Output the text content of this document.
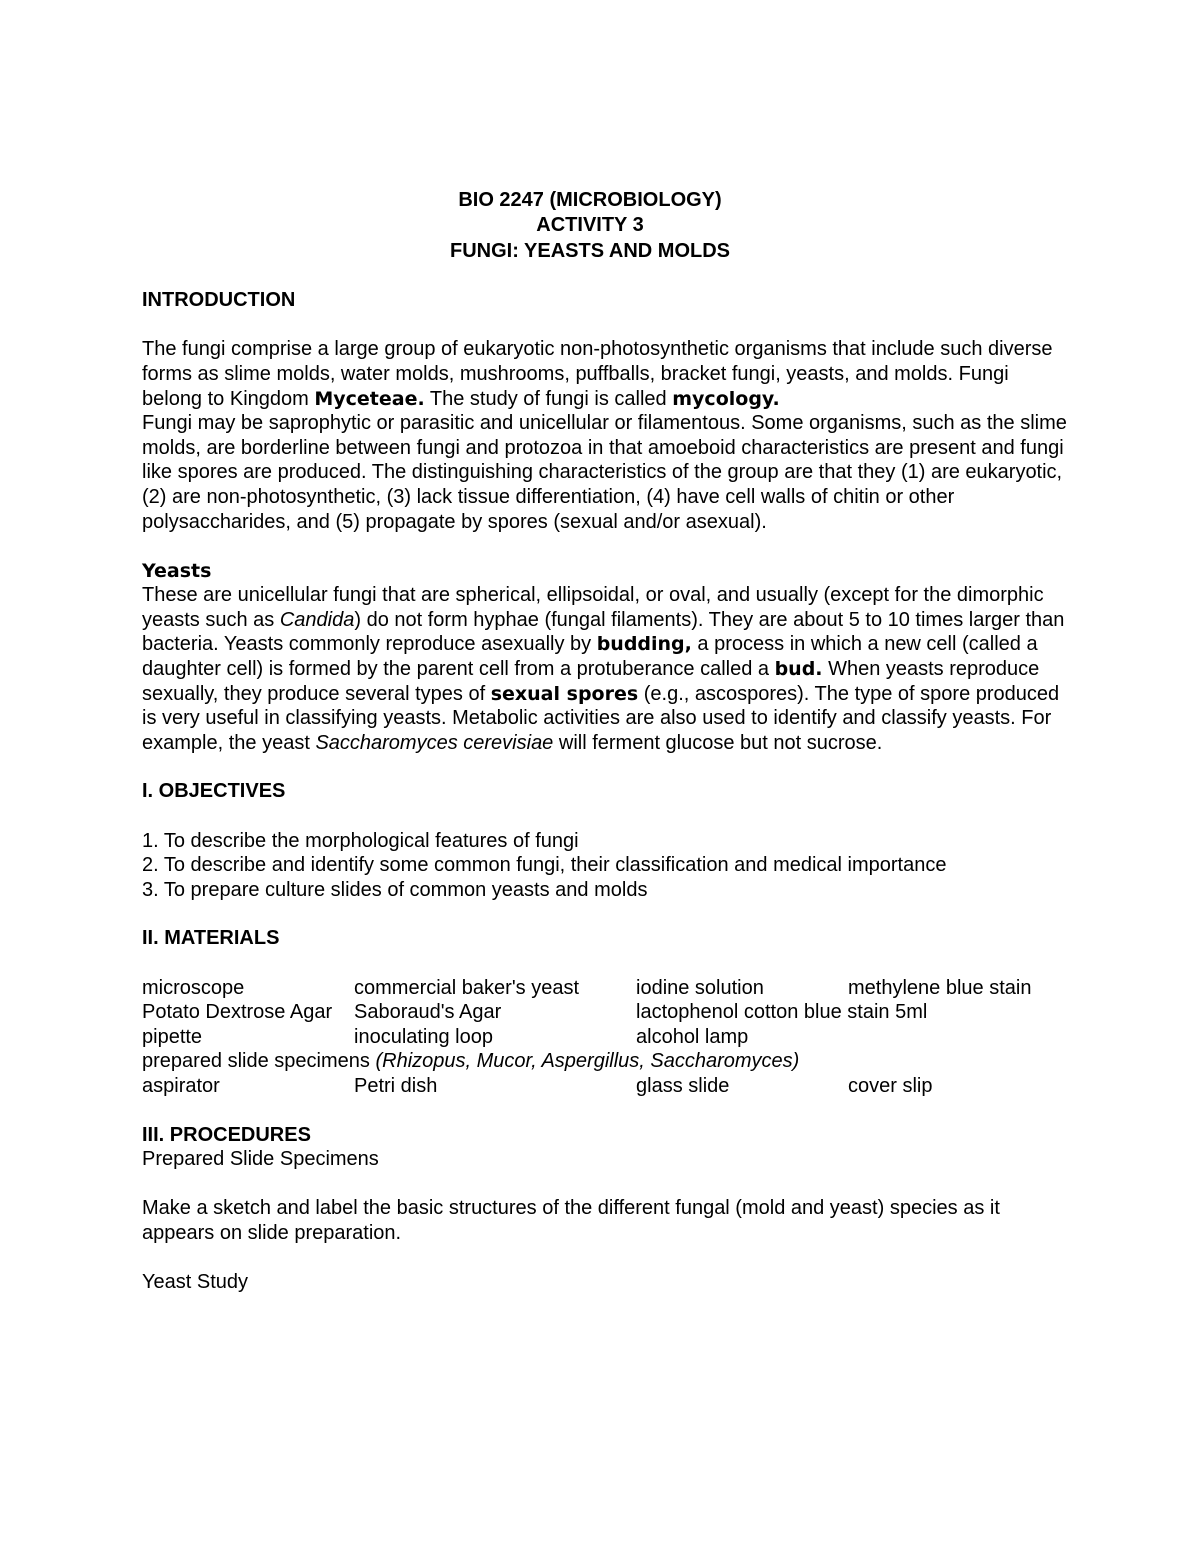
BIO 2247 (MICROBIOLOGY)
ACTIVITY 3
FUNGI: YEASTS AND MOLDS
INTRODUCTION

The fungi comprise a large group of eukaryotic non-photosynthetic organisms that include such diverse forms as slime molds, water molds, mushrooms, puffballs, bracket fungi, yeasts, and molds. Fungi belong to Kingdom Myceteae. The study of fungi is called mycology.

Fungi may be saprophytic or parasitic and unicellular or filamentous. Some organisms, such as the slime molds, are borderline between fungi and protozoa in that amoeboid characteristics are present and fungi like spores are produced. The distinguishing characteristics of the group are that they (1) are eukaryotic, (2) are non-photosynthetic, (3) lack tissue differentiation, (4) have cell walls of chitin or other polysaccharides, and (5) propagate by spores (sexual and/or asexual).

Yeasts

These are unicellular fungi that are spherical, ellipsoidal, or oval, and usually (except for the dimorphic yeasts such as Candida) do not form hyphae (fungal filaments). They are about 5 to 10 times larger than bacteria. Yeasts commonly reproduce asexually by budding, a process in which a new cell (called a daughter cell) is formed by the parent cell from a protuberance called a bud. When yeasts reproduce sexually, they produce several types of sexual spores (e.g., ascospores). The type of spore produced is very useful in classifying yeasts. Metabolic activities are also used to identify and classify yeasts. For example, the yeast Saccharomyces cerevisiae will ferment glucose but not sucrose.

I. OBJECTIVES

1. To describe the morphological features of fungi

2. To describe and identify some common fungi, their classification and medical importance

3. To prepare culture slides of common yeasts and molds

II. MATERIALS
microscope	commercial baker's yeast	iodine solution	methylene blue stain
Potato Dextrose Agar	Saboraud's Agar	lactophenol cotton blue stain 5ml
pipette	inoculating loop	alcohol lamp
prepared slide specimens (Rhizopus, Mucor, Aspergillus, Saccharomyces)
aspirator	Petri dish	glass slide	cover slip
III. PROCEDURES
Prepared Slide Specimens
Make a sketch and label the basic structures of the different fungal (mold and yeast) species as it appears on slide preparation.
Yeast Study
